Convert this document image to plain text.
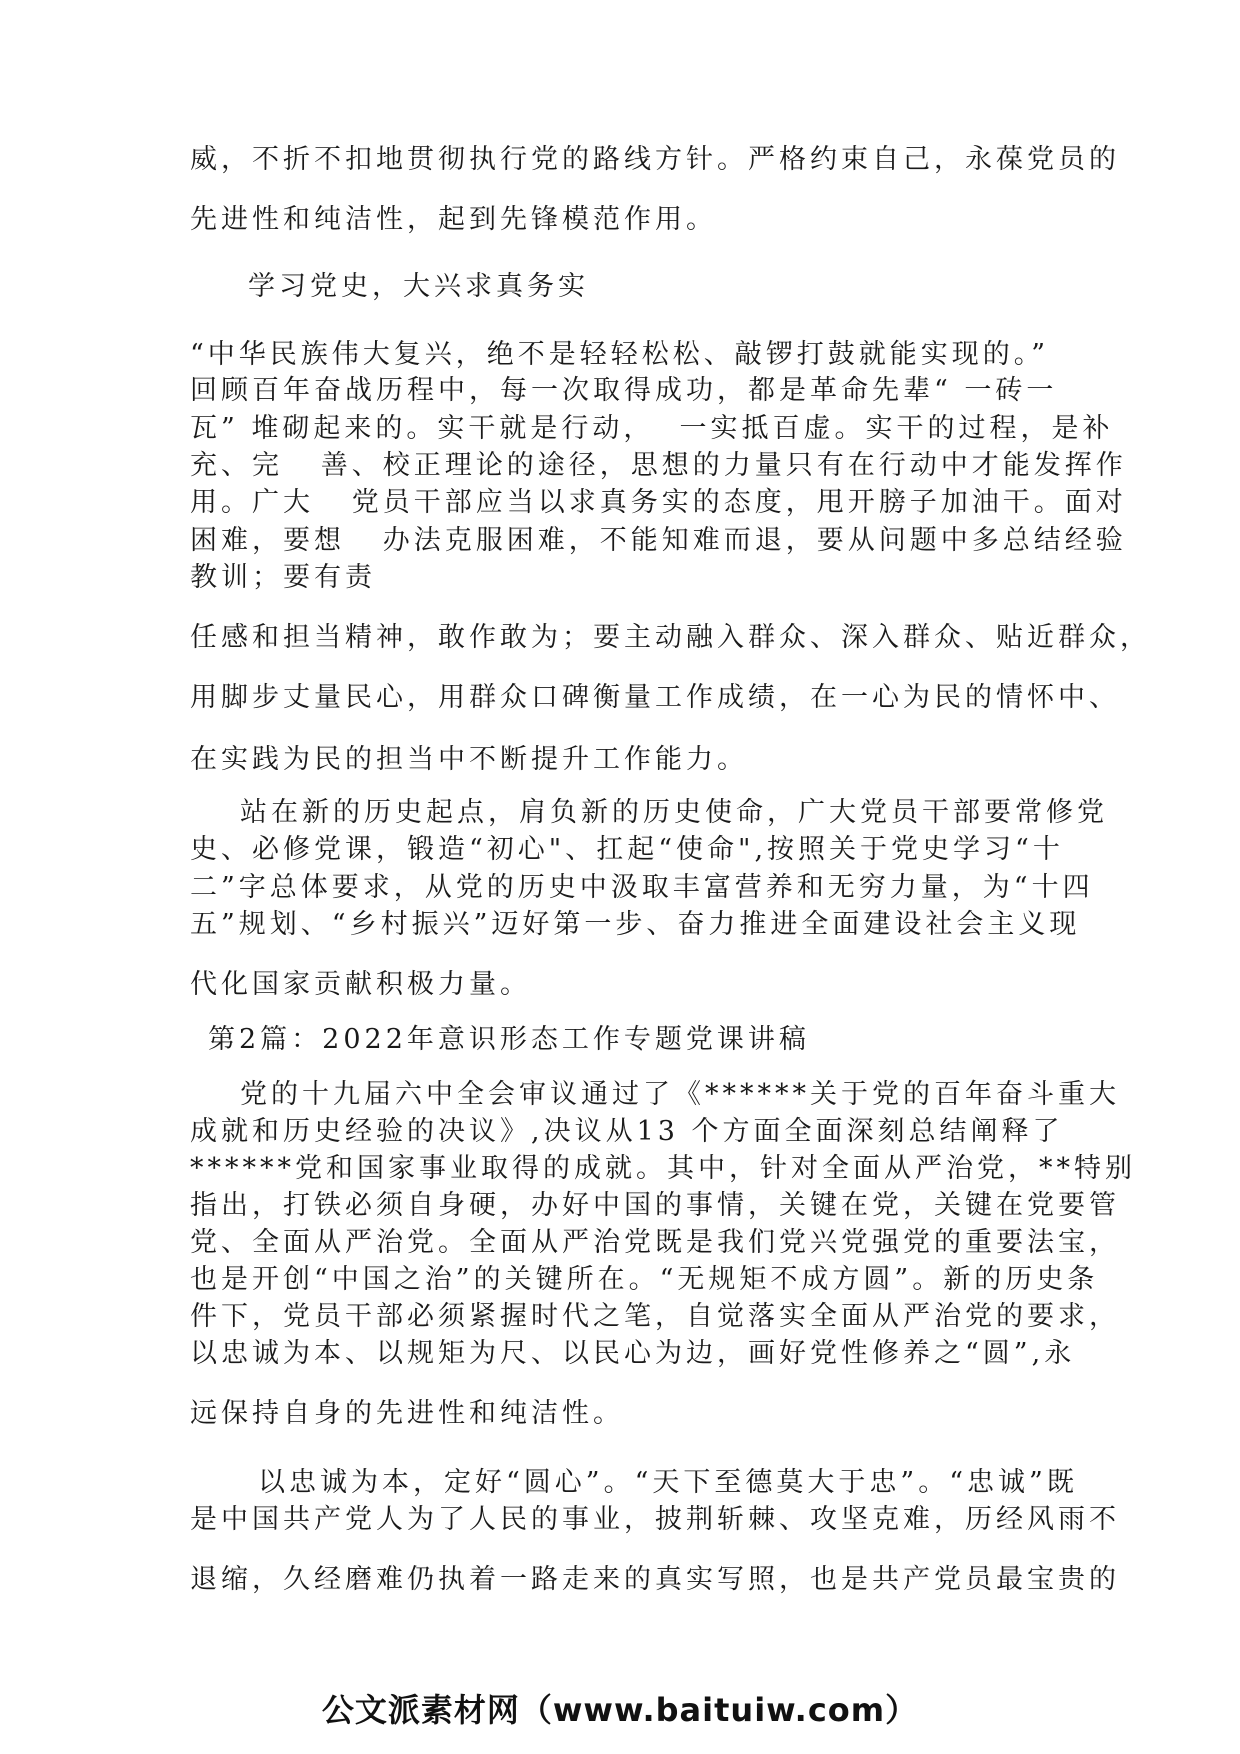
威，不折不扣地贯彻执行党的路线方针。严格约束自己，永葆党员的
先进性和纯洁性，起到先锋模范作用。
学习党史，大兴求真务实
“中华民族伟大复兴，绝不是轻轻松松、敲锣打鼓就能实现的。”
回顾百年奋战历程中，每一次取得成功，都是革命先辈“ 一砖一
瓦” 堆砌起来的。实干就是行动，  一实抵百虚。实干的过程，是补
充、完   善、校正理论的途径，思想的力量只有在行动中才能发挥作
用。广大   党员干部应当以求真务实的态度，甩开膀子加油干。面对
困难，要想   办法克服困难，不能知难而退，要从问题中多总结经验
教训；要有责
任感和担当精神，敢作敢为；要主动融入群众、深入群众、贴近群众，
用脚步丈量民心，用群众口碑衡量工作成绩，在一心为民的情怀中、
在实践为民的担当中不断提升工作能力。
站在新的历史起点，肩负新的历史使命，广大党员干部要常修党
史、必修党课，锻造“初心"、扛起“使命",按照关于党史学习“十
二”字总体要求，从党的历史中汲取丰富营养和无穷力量，为“十四
五”规划、“乡村振兴”迈好第一步、奋力推进全面建设社会主义现
代化国家贡献积极力量。
第2篇：2022年意识形态工作专题党课讲稿
党的十九届六中全会审议通过了《******关于党的百年奋斗重大
成就和历史经验的决议》,决议从13 个方面全面深刻总结阐释了
******党和国家事业取得的成就。其中，针对全面从严治党，**特别
指出，打铁必须自身硬，办好中国的事情，关键在党，关键在党要管
党、全面从严治党。全面从严治党既是我们党兴党强党的重要法宝，
也是开创“中国之治”的关键所在。“无规矩不成方圆”。新的历史条
件下，党员干部必须紧握时代之笔，自觉落实全面从严治党的要求，
以忠诚为本、以规矩为尺、以民心为边，画好党性修养之“圆”,永
远保持自身的先进性和纯洁性。
以忠诚为本，定好“圆心”。“天下至德莫大于忠”。“忠诚”既
是中国共产党人为了人民的事业，披荆斩棘、攻坚克难，历经风雨不
退缩，久经磨难仍执着一路走来的真实写照，也是共产党员最宝贵的
公文派素材网（www.baituiw.com）
